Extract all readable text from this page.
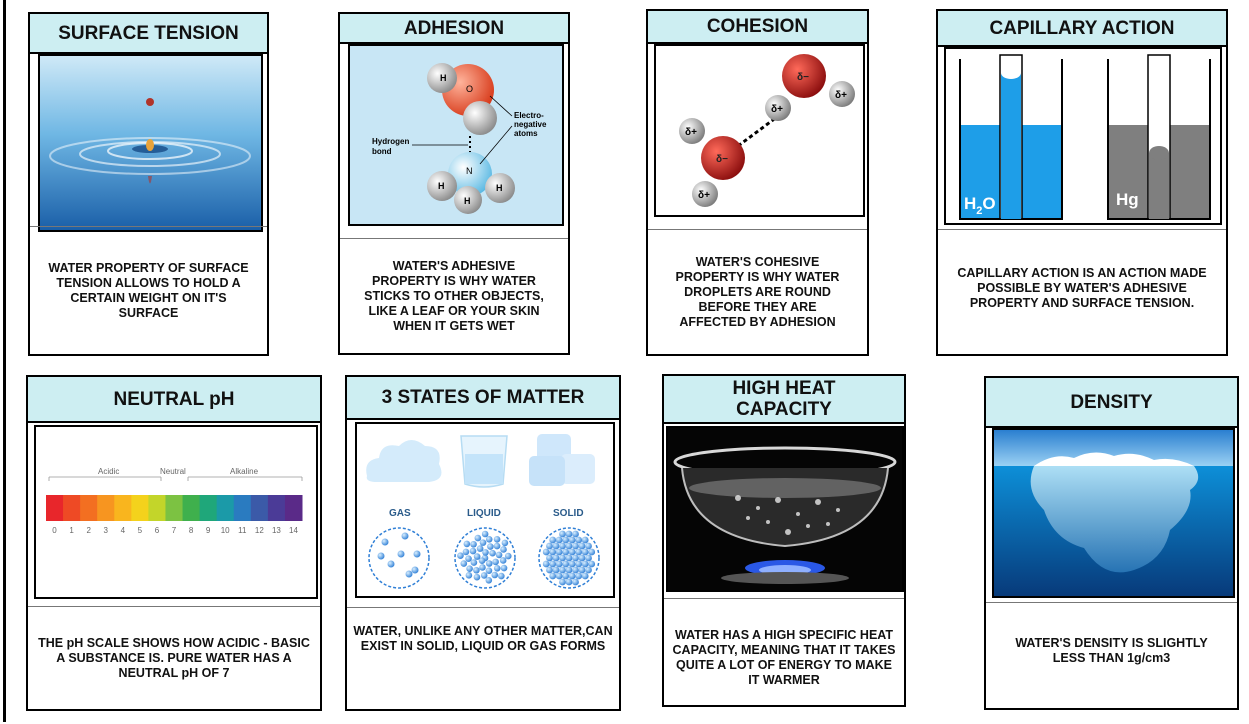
SURFACE TENSION
WATER PROPERTY OF SURFACE TENSION ALLOWS TO HOLD A CERTAIN WEIGHT ON IT'S SURFACE
ADHESION
H
O
N
H	H
H
Hydrogen
bond
Electro-
negative
atoms
WATER'S ADHESIVE PROPERTY IS WHY WATER STICKS TO OTHER OBJECTS, LIKE A LEAF OR YOUR SKIN WHEN IT GETS WET
COHESION
δ−
δ+
δ+
δ−
δ+
δ+
WATER'S COHESIVE PROPERTY IS WHY WATER DROPLETS ARE ROUND BEFORE THEY ARE AFFECTED BY ADHESION
CAPILLARY ACTION
$H_2O$	Hg
CAPILLARY ACTION IS AN ACTION MADE POSSIBLE BY WATER'S ADHESIVE PROPERTY AND SURFACE TENSION.
NEUTRAL pH
Acidic	Neutral	Alkaline
0 1 2 3 4 5 6 7 8 9 10 11 12 13 14
THE pH SCALE SHOWS HOW ACIDIC - BASIC A SUBSTANCE IS. PURE WATER HAS A NEUTRAL pH OF 7
3 STATES OF MATTER
GAS	LIQUID	SOLID
WATER, UNLIKE ANY OTHER MATTER,CAN EXIST IN SOLID, LIQUID OR GAS FORMS
HIGH HEAT
CAPACITY
WATER HAS A HIGH SPECIFIC HEAT CAPACITY, MEANING THAT IT TAKES QUITE A LOT OF ENERGY TO MAKE IT WARMER
DENSITY
WATER'S DENSITY IS SLIGHTLY LESS THAN 1g/cm3
